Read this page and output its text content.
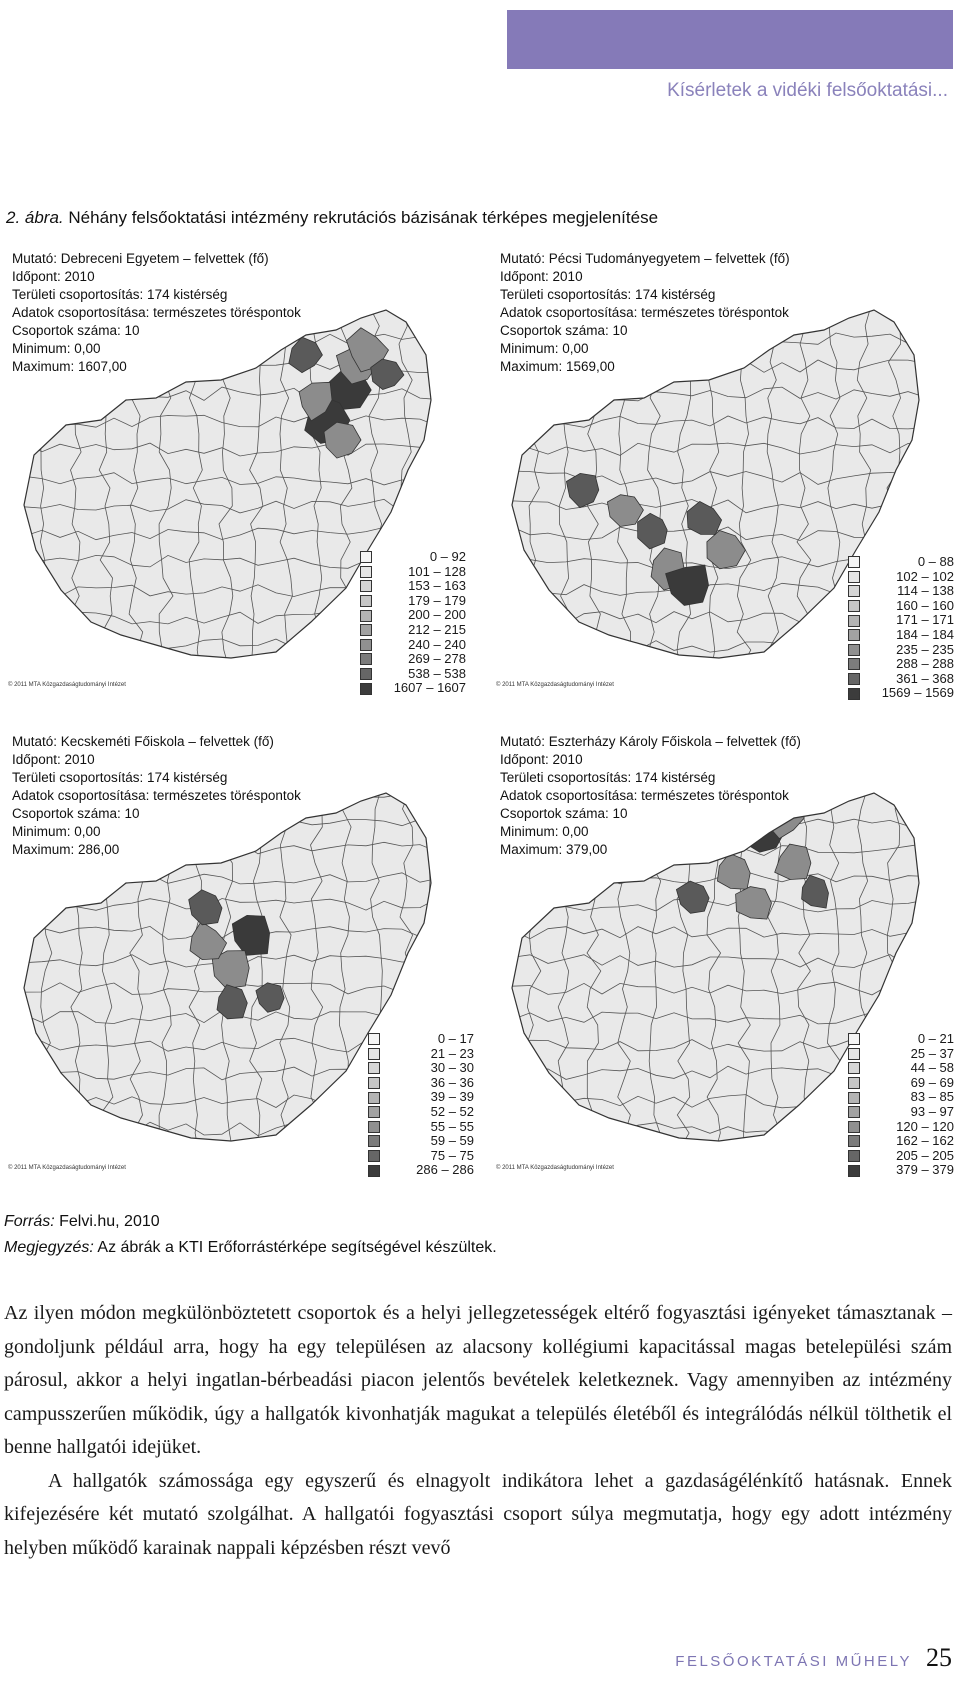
Kísérletek a vidéki felsőoktatási...
2. ábra. Néhány felsőoktatási intézmény rekrutációs bázisának térképes megjelenítése
Mutató: Debreceni Egyetem – felvettek (fő)
Időpont: 2010
Területi csoportosítás: 174 kistérség
Adatok csoportosítása: természetes töréspontok
Csoportok száma: 10
Minimum: 0,00
Maximum: 1607,00
0 – 92
101 – 128
153 – 163
179 – 179
200 – 200
212 – 215
240 – 240
269 – 278
538 – 538
1607 – 1607
© 2011 MTA Közgazdaságtudományi Intézet
Mutató: Pécsi Tudományegyetem – felvettek (fő)
Időpont: 2010
Területi csoportosítás: 174 kistérség
Adatok csoportosítása: természetes töréspontok
Csoportok száma: 10
Minimum: 0,00
Maximum: 1569,00
0 – 88
102 – 102
114 – 138
160 – 160
171 – 171
184 – 184
235 – 235
288 – 288
361 – 368
1569 – 1569
© 2011 MTA Közgazdaságtudományi Intézet
Mutató: Kecskeméti Főiskola – felvettek (fő)
Időpont: 2010
Területi csoportosítás: 174 kistérség
Adatok csoportosítása: természetes töréspontok
Csoportok száma: 10
Minimum: 0,00
Maximum: 286,00
0 – 17
21 – 23
30 – 30
36 – 36
39 – 39
52 – 52
55 – 55
59 – 59
75 – 75
286 – 286
© 2011 MTA Közgazdaságtudományi Intézet
Mutató: Eszterházy Károly Főiskola – felvettek (fő)
Időpont: 2010
Területi csoportosítás: 174 kistérség
Adatok csoportosítása: természetes töréspontok
Csoportok száma: 10
Minimum: 0,00
Maximum: 379,00
0 – 21
25 – 37
44 – 58
69 – 69
83 – 85
93 – 97
120 – 120
162 – 162
205 – 205
379 – 379
© 2011 MTA Közgazdaságtudományi Intézet
Forrás: Felvi.hu, 2010
Megjegyzés: Az ábrák a KTI Erőforrástérképe segítségével készültek.

Az ilyen módon megkülönböztetett csoportok és a helyi jellegzetességek eltérő fogyasztási igényeket támasztanak – gondoljunk például arra, hogy ha egy településen az alacsony kollégiumi kapacitással magas betelepülési szám párosul, akkor a helyi ingatlan-bérbeadási piacon jelentős bevételek keletkeznek. Vagy amennyiben az intézmény campusszerűen működik, úgy a hallgatók kivonhatják magukat a település életéből és integrálódás nélkül tölthetik el benne hallgatói idejüket.

A hallgatók számossága egy egyszerű és elnagyolt indikátora lehet a gazdaságélénkítő hatásnak. Ennek kifejezésére két mutató szolgálhat. A hallgatói fogyasztási csoport súlya megmutatja, hogy egy adott intézmény helyben működő karainak nappali képzésben részt vevő

FELSŐOKTATÁSI MŰHELY 25
